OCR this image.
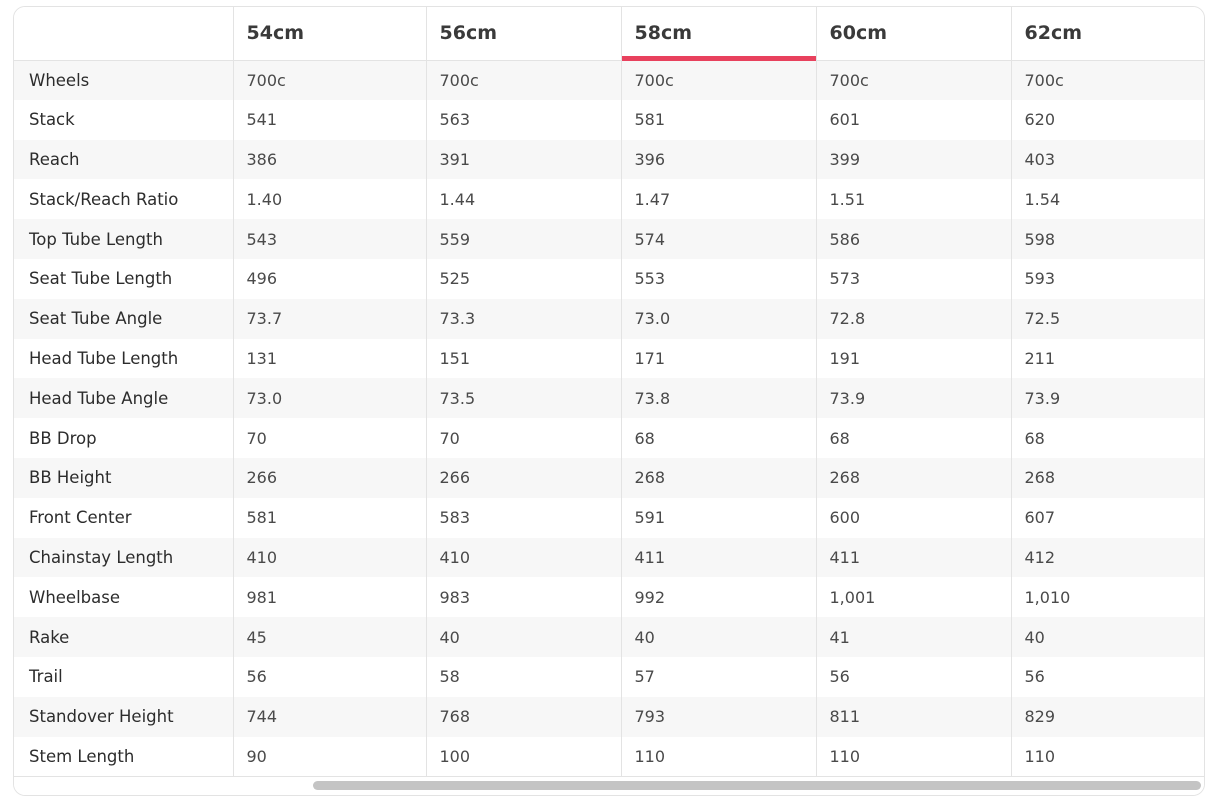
	54cm	56cm	58cm	60cm	62cm
Wheels	700c	700c	700c	700c	700c
Stack	541	563	581	601	620
Reach	386	391	396	399	403
Stack/Reach Ratio	1.40	1.44	1.47	1.51	1.54
Top Tube Length	543	559	574	586	598
Seat Tube Length	496	525	553	573	593
Seat Tube Angle	73.7	73.3	73.0	72.8	72.5
Head Tube Length	131	151	171	191	211
Head Tube Angle	73.0	73.5	73.8	73.9	73.9
BB Drop	70	70	68	68	68
BB Height	266	266	268	268	268
Front Center	581	583	591	600	607
Chainstay Length	410	410	411	411	412
Wheelbase	981	983	992	1,001	1,010
Rake	45	40	40	41	40
Trail	56	58	57	56	56
Standover Height	744	768	793	811	829
Stem Length	90	100	110	110	110
